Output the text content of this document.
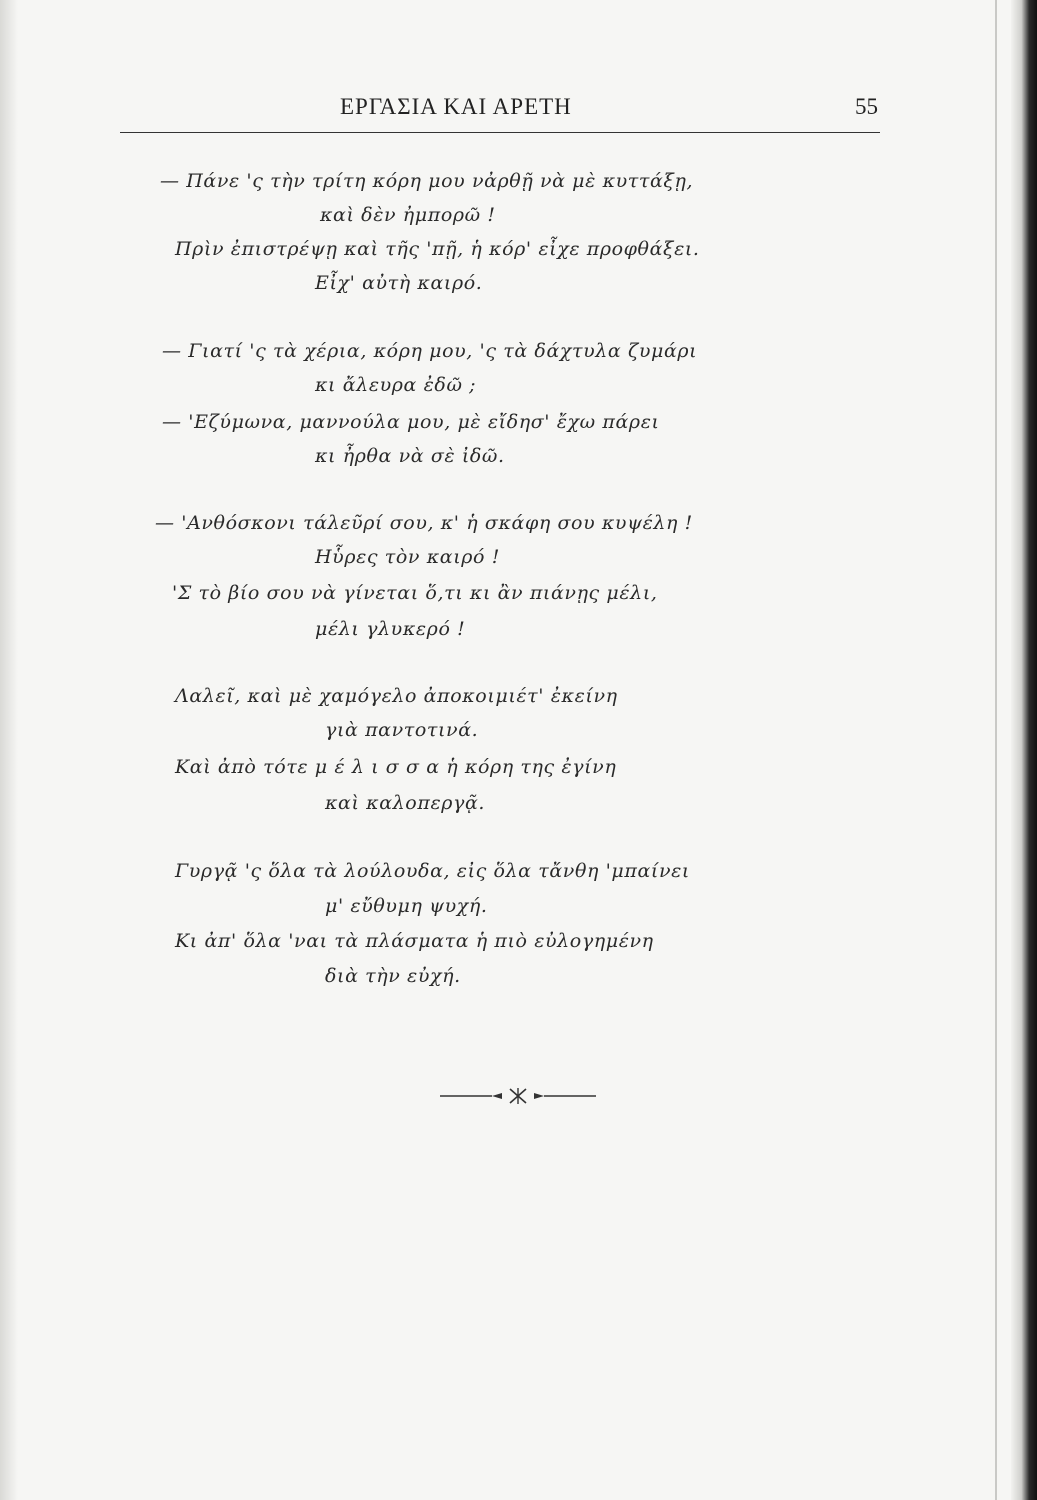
ΕΡΓΑΣΙΑ ΚΑΙ ΑΡΕΤΗ	55
— Πάνε 'ς τὴν τρίτη κόρη μου νἀρθῇ νὰ μὲ κυττάξῃ,
καὶ δὲν ἠμπορῶ !
Πρὶν ἐπιστρέψῃ καὶ τῆς 'πῇ, ἡ κόρ' εἶχε προφθάξει.
Εἶχ' αὐτὴ καιρό.
— Γιατί 'ς τὰ χέρια, κόρη μου, 'ς τὰ δάχτυλα ζυμάρι
κι ἄλευρα ἐδῶ ;
— 'Εζύμωνα, μαννούλα μου, μὲ εἴδησ' ἔχω πάρει
κι ἦρθα νὰ σὲ ἰδῶ.
— 'Ανθόσκονι τάλεῦρί σου, κ' ἡ σκάφη σου κυψέλη !
Ηὗρες τὸν καιρό !
'Σ τὸ βίο σου νὰ γίνεται ὅ,τι κι ἂν πιάνῃς μέλι,
μέλι γλυκερό !
Λαλεῖ, καὶ μὲ χαμόγελο ἀποκοιμιέτ' ἐκείνη
γιὰ παντοτινά.
Καὶ ἀπὸ τότε μ έ λ ι σ σ α ἡ κόρη της ἐγίνη
καὶ καλοπεργᾷ.
Γυργᾷ 'ς ὅλα τὰ λούλουδα, εἰς ὅλα τἄνθη 'μπαίνει
μ' εὔθυμη ψυχή.
Κι ἀπ' ὅλα 'ναι τὰ πλάσματα ἡ πιὸ εὐλογημένη
διὰ τὴν εὐχή.
